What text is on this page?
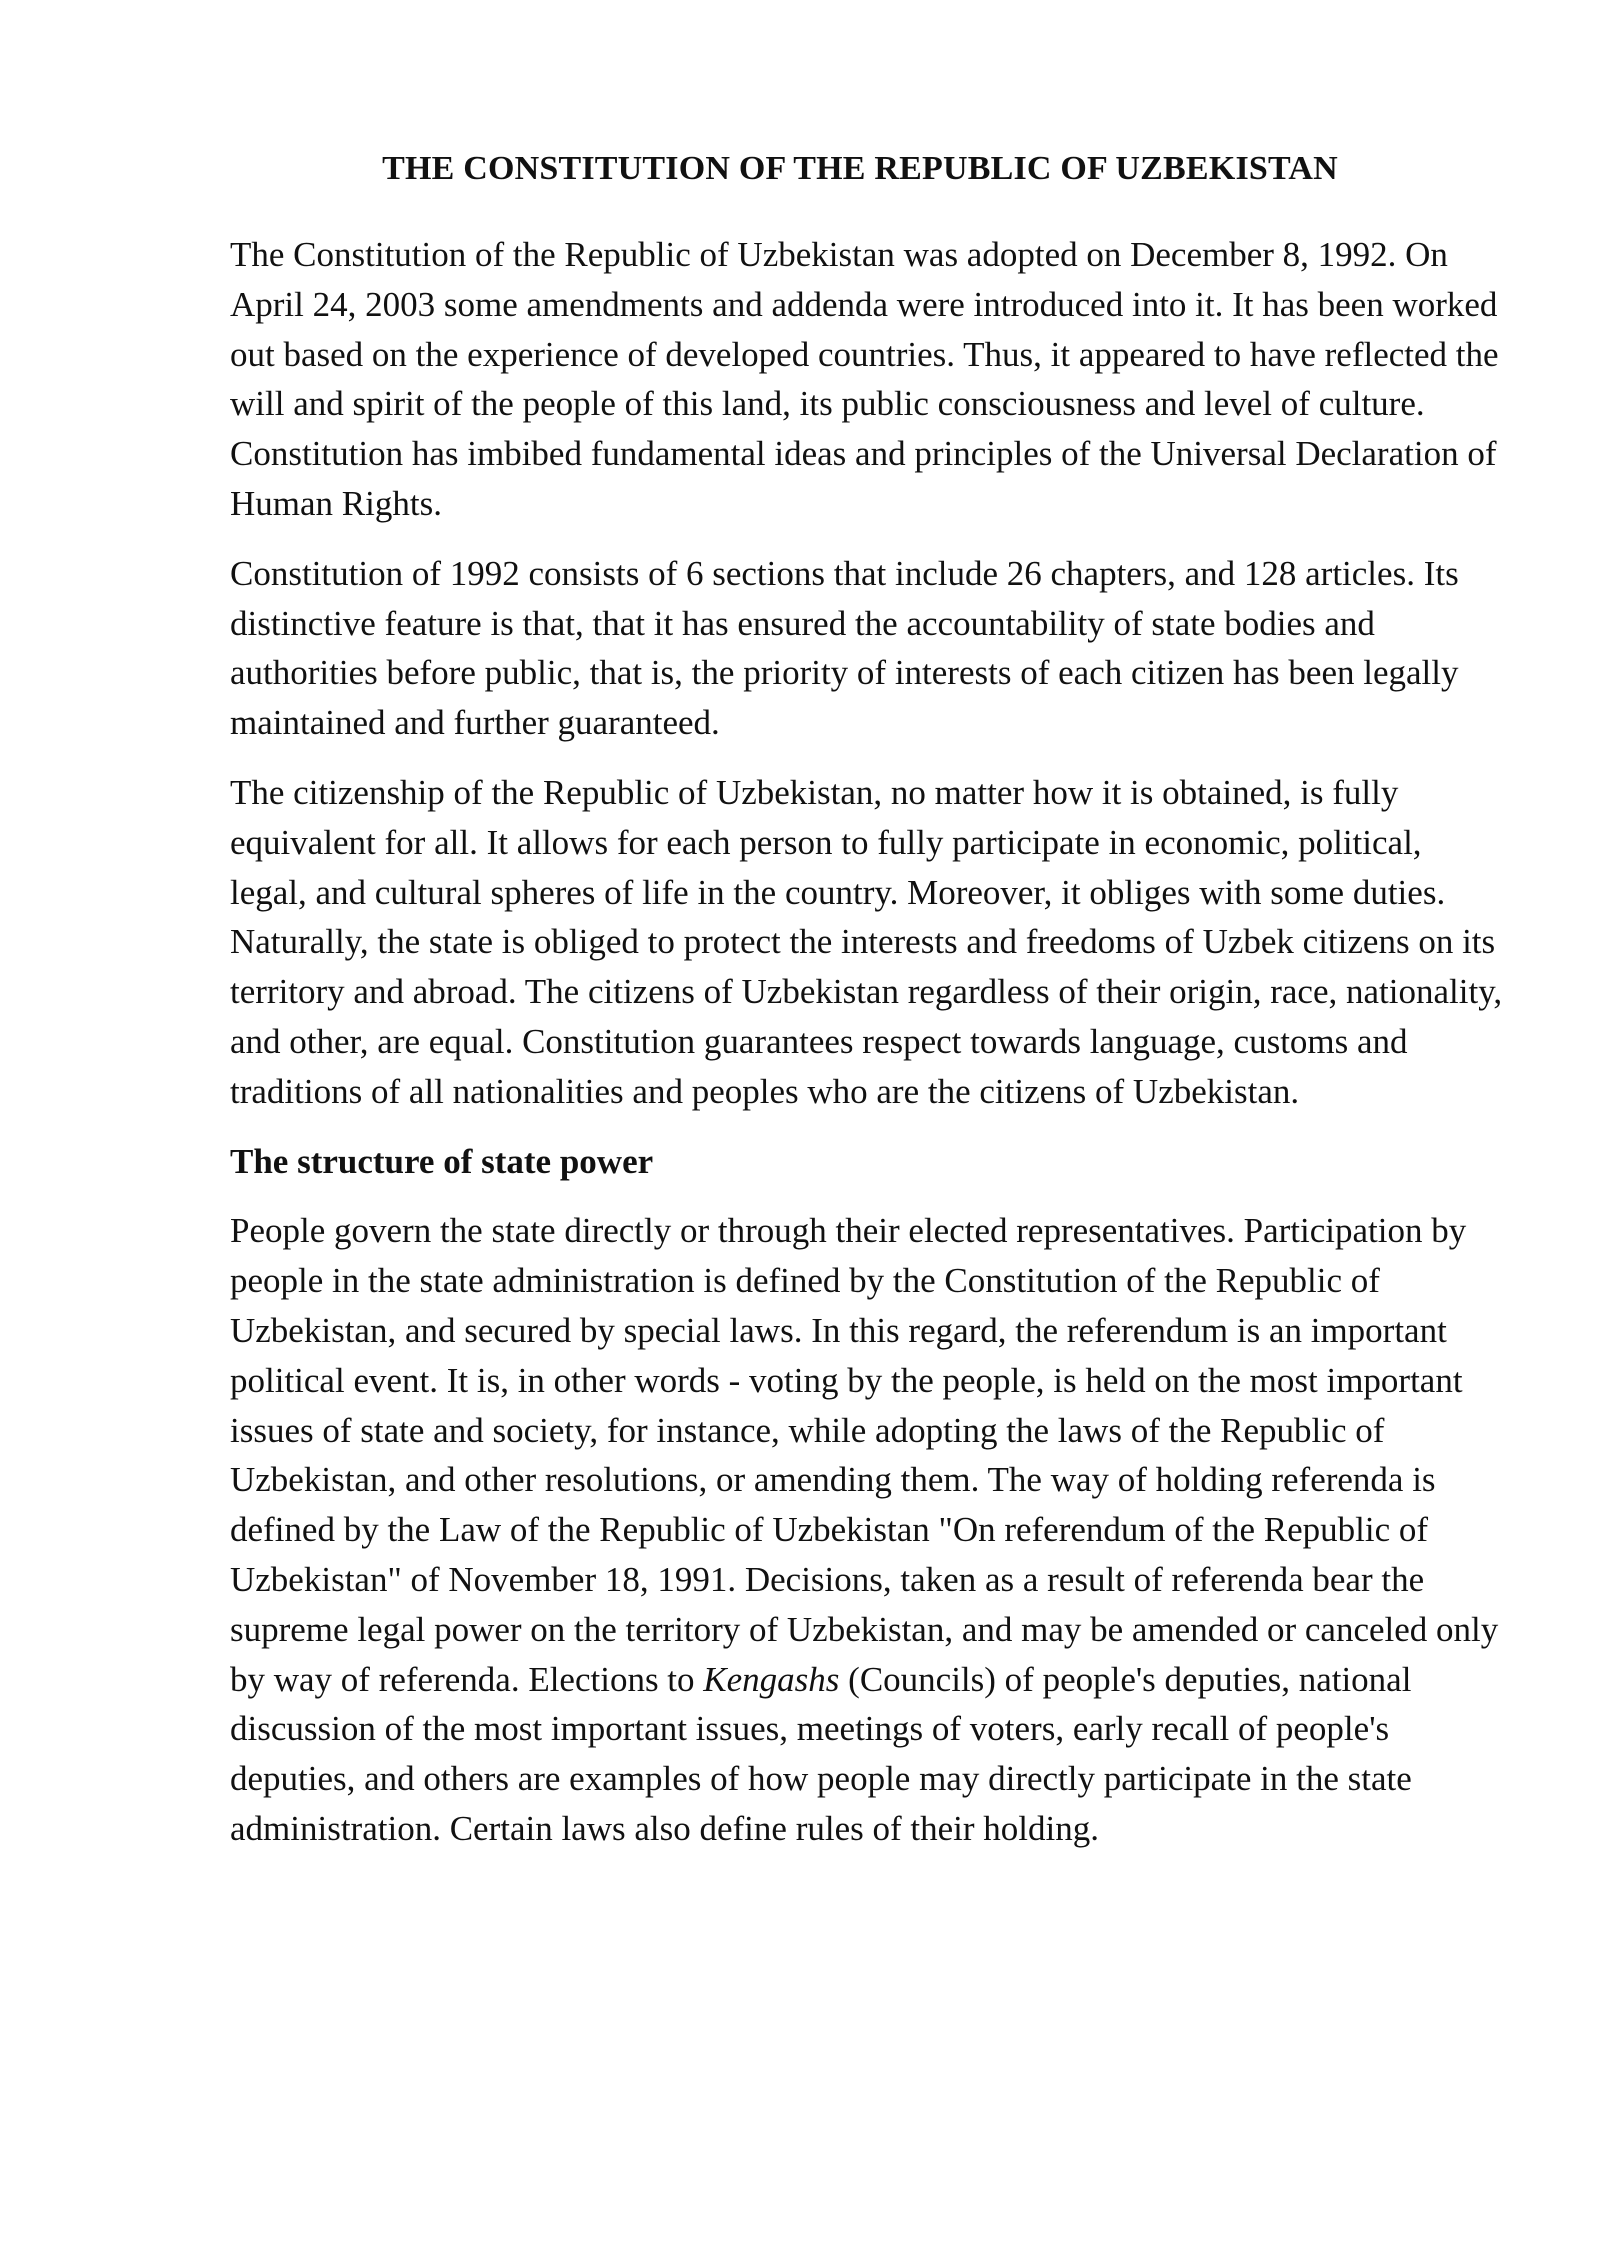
THE CONSTITUTION OF THE REPUBLIC OF UZBEKISTAN

The Constitution of the Republic of Uzbekistan was adopted on December 8, 1992. On April 24, 2003 some amendments and addenda were introduced into it. It has been worked out based on the experience of developed countries. Thus, it appeared to have reflected the will and spirit of the people of this land, its public consciousness and level of culture. Constitution has imbibed fundamental ideas and principles of the Universal Declaration of Human Rights.

Constitution of 1992 consists of 6 sections that include 26 chapters, and 128 articles. Its distinctive feature is that, that it has ensured the accountability of state bodies and authorities before public, that is, the priority of interests of each citizen has been legally maintained and further guaranteed.

The citizenship of the Republic of Uzbekistan, no matter how it is obtained, is fully equivalent for all. It allows for each person to fully participate in economic, political, legal, and cultural spheres of life in the country. Moreover, it obliges with some duties. Naturally, the state is obliged to protect the interests and freedoms of Uzbek citizens on its territory and abroad. The citizens of Uzbekistan regardless of their origin, race, nationality, and other, are equal. Constitution guarantees respect towards language, customs and traditions of all nationalities and peoples who are the citizens of Uzbekistan.

The structure of state power

People govern the state directly or through their elected representatives. Participation by people in the state administration is defined by the Constitution of the Republic of Uzbekistan, and secured by special laws. In this regard, the referendum is an important political event. It is, in other words - voting by the people, is held on the most important issues of state and society, for instance, while adopting the laws of the Republic of Uzbekistan, and other resolutions, or amending them. The way of holding referenda is defined by the Law of the Republic of Uzbekistan "On referendum of the Republic of Uzbekistan" of November 18, 1991. Decisions, taken as a result of referenda bear the supreme legal power on the territory of Uzbekistan, and may be amended or canceled only by way of referenda. Elections to Kengashs (Councils) of people's deputies, national discussion of the most important issues, meetings of voters, early recall of people's deputies, and others are examples of how people may directly participate in the state administration. Certain laws also define rules of their holding.
